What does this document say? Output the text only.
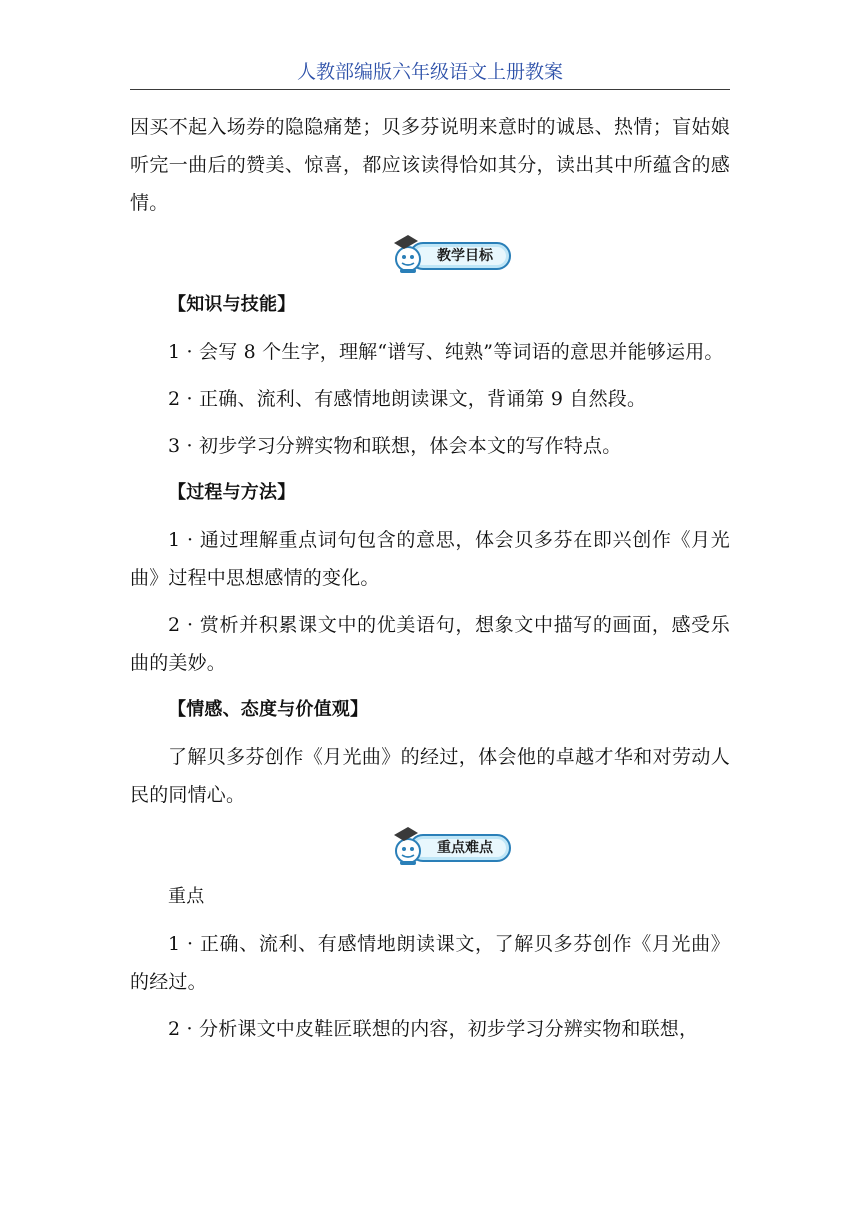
人教部编版六年级语文上册教案

因买不起入场券的隐隐痛楚；贝多芬说明来意时的诚恳、热情；盲姑娘听完一曲后的赞美、惊喜，都应该读得恰如其分，读出其中所蕴含的感情。

教学目标

【知识与技能】

1 · 会写 8 个生字，理解“谱写、纯熟”等词语的意思并能够运用。

2 · 正确、流利、有感情地朗读课文，背诵第 9 自然段。

3 · 初步学习分辨实物和联想，体会本文的写作特点。

【过程与方法】

1 · 通过理解重点词句包含的意思，体会贝多芬在即兴创作《月光曲》过程中思想感情的变化。

2 · 赏析并积累课文中的优美语句，想象文中描写的画面，感受乐曲的美妙。

【情感、态度与价值观】

了解贝多芬创作《月光曲》的经过，体会他的卓越才华和对劳动人民的同情心。

重点难点

重点

1 · 正确、流利、有感情地朗读课文，了解贝多芬创作《月光曲》的经过。

2 · 分析课文中皮鞋匠联想的内容，初步学习分辨实物和联想，
